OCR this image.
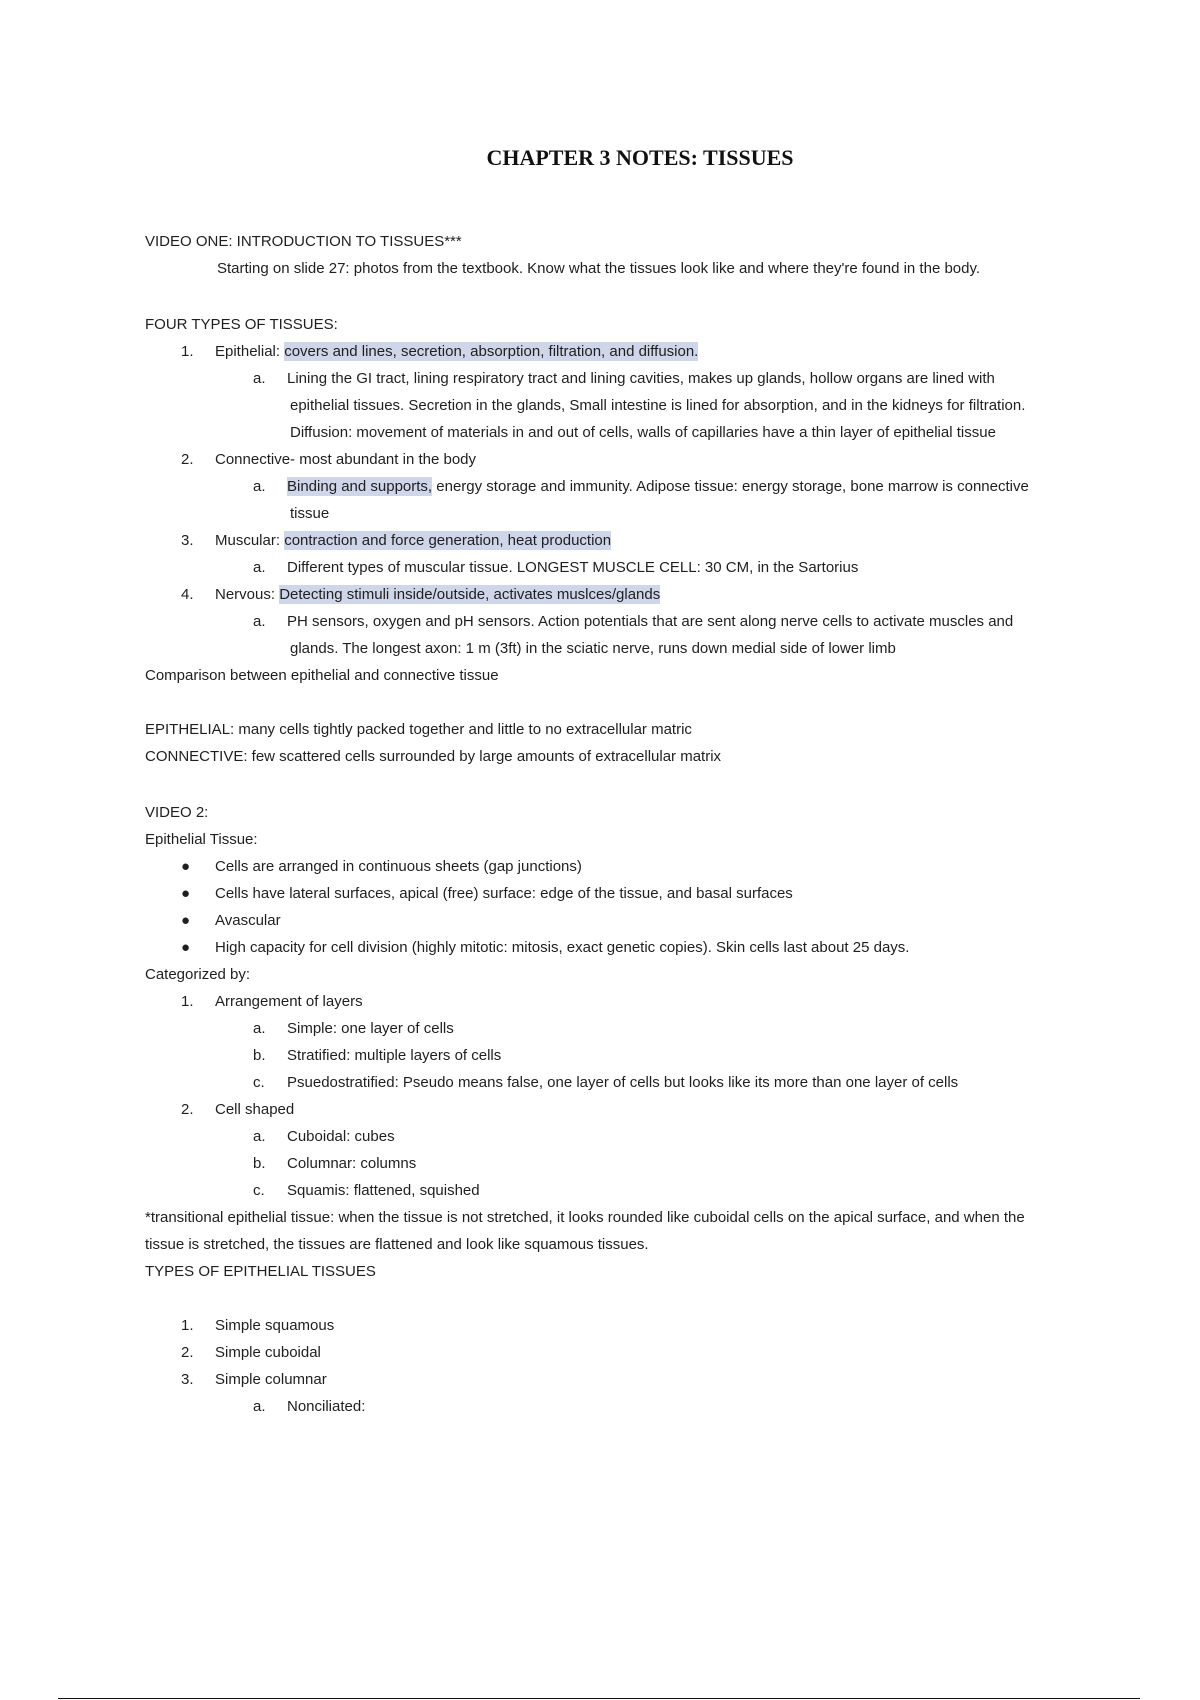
CHAPTER 3 NOTES: TISSUES
VIDEO ONE: INTRODUCTION TO TISSUES***
Starting on slide 27: photos from the textbook. Know what the tissues look like and where they're found in the body.
FOUR TYPES OF TISSUES:
1. Epithelial: covers and lines, secretion, absorption, filtration, and diffusion.
a. Lining the GI tract, lining respiratory tract and lining cavities, makes up glands, hollow organs are lined with
epithelial tissues. Secretion in the glands, Small intestine is lined for absorption, and in the kidneys for filtration.
Diffusion: movement of materials in and out of cells, walls of capillaries have a thin layer of epithelial tissue
2. Connective- most abundant in the body
a. Binding and supports, energy storage and immunity. Adipose tissue: energy storage, bone marrow is connective
tissue
3. Muscular: contraction and force generation, heat production
a. Different types of muscular tissue. LONGEST MUSCLE CELL: 30 CM, in the Sartorius
4. Nervous: Detecting stimuli inside/outside, activates muslces/glands
a. PH sensors, oxygen and pH sensors. Action potentials that are sent along nerve cells to activate muscles and
glands. The longest axon: 1 m (3ft) in the sciatic nerve, runs down medial side of lower limb
Comparison between epithelial and connective tissue
EPITHELIAL: many cells tightly packed together and little to no extracellular matric
CONNECTIVE: few scattered cells surrounded by large amounts of extracellular matrix
VIDEO 2:
Epithelial Tissue:
● Cells are arranged in continuous sheets (gap junctions)
● Cells have lateral surfaces, apical (free) surface: edge of the tissue, and basal surfaces
● Avascular
● High capacity for cell division (highly mitotic: mitosis, exact genetic copies). Skin cells last about 25 days.
Categorized by:
1. Arrangement of layers
a. Simple: one layer of cells
b. Stratified: multiple layers of cells
c. Psuedostratified: Pseudo means false, one layer of cells but looks like its more than one layer of cells
2. Cell shaped
a. Cuboidal: cubes
b. Columnar: columns
c. Squamis: flattened, squished
*transitional epithelial tissue: when the tissue is not stretched, it looks rounded like cuboidal cells on the apical surface, and when the
tissue is stretched, the tissues are flattened and look like squamous tissues.
TYPES OF EPITHELIAL TISSUES
1. Simple squamous
2. Simple cuboidal
3. Simple columnar
a. Nonciliated:
